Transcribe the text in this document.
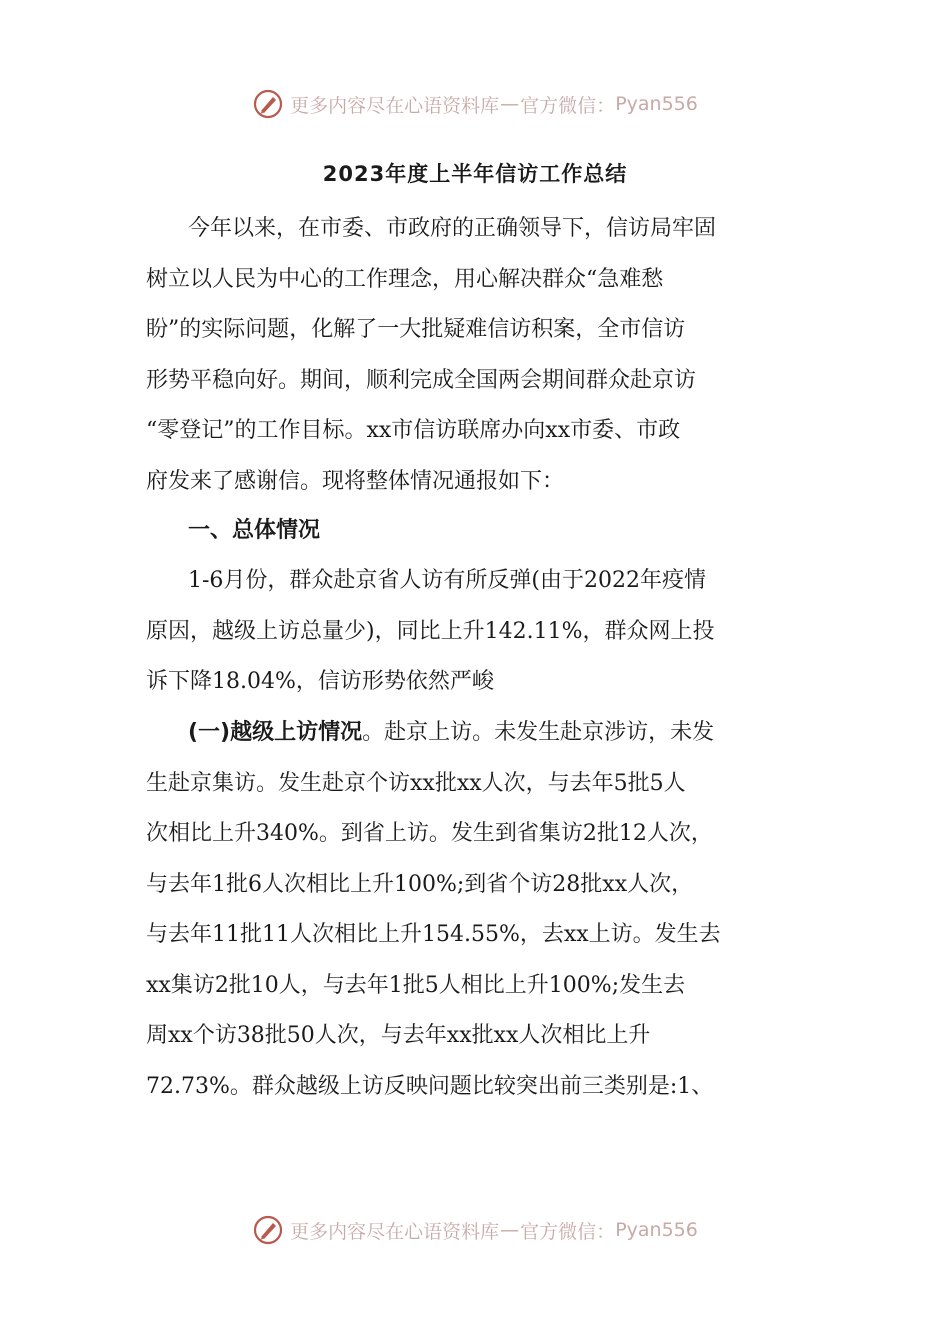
更多内容尽在心语资料库 — 官方微信： Pyan556
2023年度上半年信访工作总结
今年以来，在市委、市政府的正确领导下，信访局牢固
树立以人民为中心的工作理念，用心解决群众“急难愁
盼”的实际问题，化解了一大批疑难信访积案，全市信访
形势平稳向好。期间，顺利完成全国两会期间群众赴京访
“零登记”的工作目标。xx市信访联席办向xx市委、市政
府发来了感谢信。现将整体情况通报如下：
一、总体情况
1-6月份，群众赴京省人访有所反弹(由于2022年疫情
原因，越级上访总量少)，同比上升142.11%，群众网上投
诉下降18.04%，信访形势依然严峻
(一)越级上访情况。赴京上访。未发生赴京涉访，未发
生赴京集访。发生赴京个访xx批xx人次，与去年5批5人
次相比上升340%。到省上访。发生到省集访2批12人次，
与去年1批6人次相比上升100%;到省个访28批xx人次，
与去年11批11人次相比上升154.55%，去xx上访。发生去
xx集访2批10人，与去年1批5人相比上升100%;发生去
周xx个访38批50人次，与去年xx批xx人次相比上升
72.73%。群众越级上访反映问题比较突出前三类别是:1、
更多内容尽在心语资料库 — 官方微信： Pyan556
